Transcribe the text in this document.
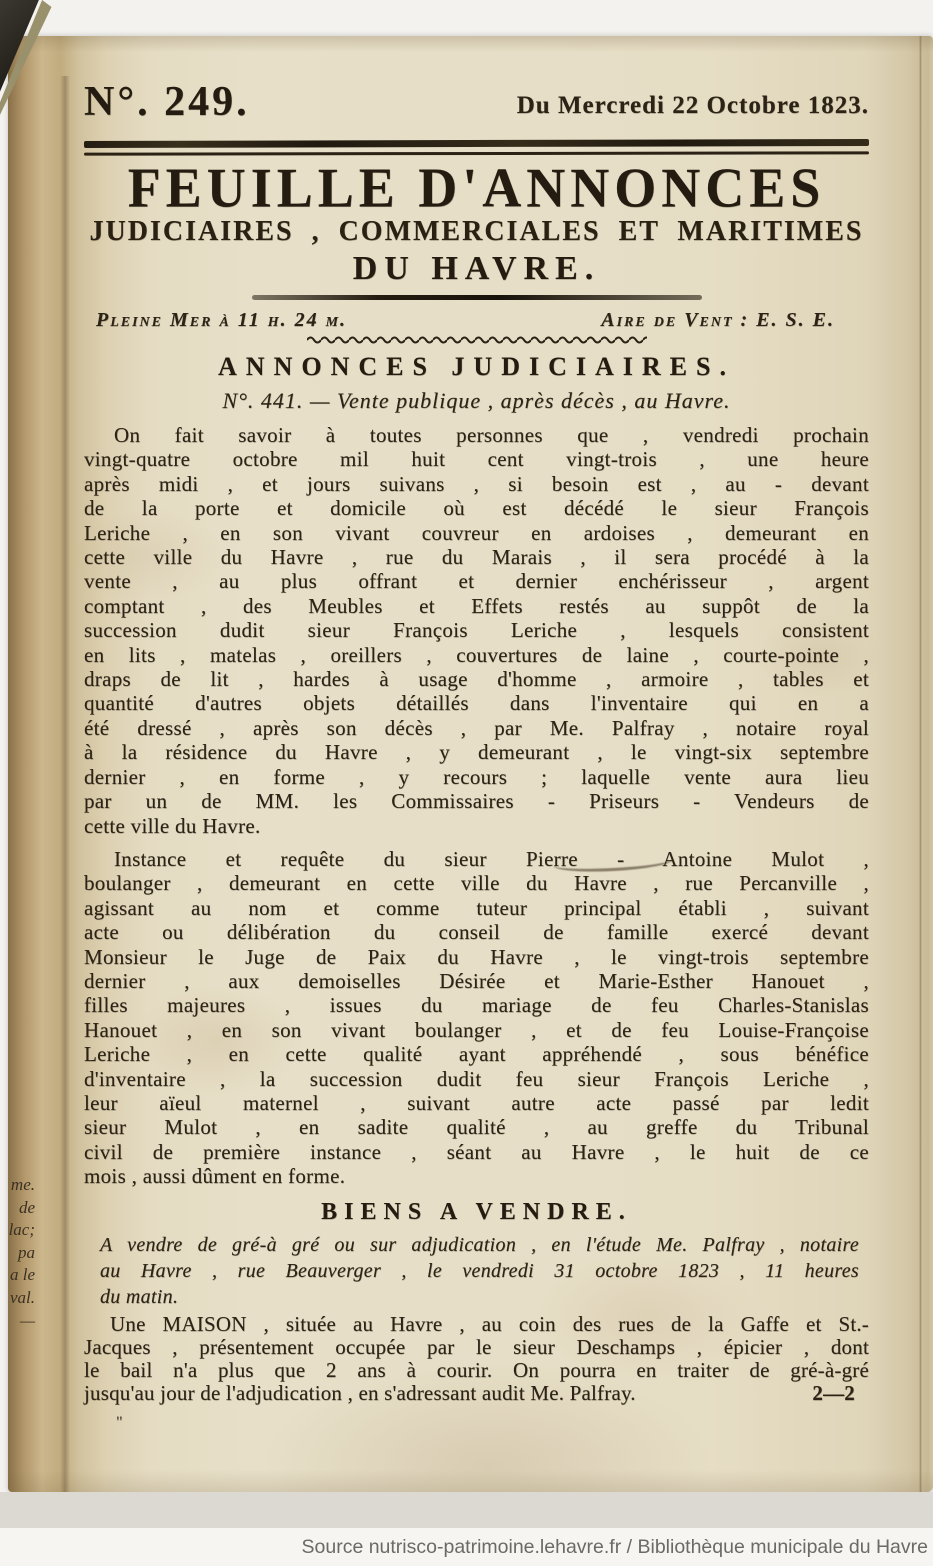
N°. 249.	Du Mercredi 22 Octobre 1823.
FEUILLE D'ANNONCES
JUDICIAIRES , COMMERCIALES ET MARITIMES
DU HAVRE.
Pleine Mer à 11 h. 24 m.	Aire de Vent : E. S. E.
ANNONCES JUDICIAIRES.
N°. 441. — Vente publique , après décès , au Havre.
On fait savoir à toutes personnes que , vendredi prochain
vingt-quatre octobre mil huit cent vingt-trois , une heure
après midi , et jours suivans , si besoin est , au - devant
de la porte et domicile où est décédé le sieur François
Leriche , en son vivant couvreur en ardoises , demeurant en
cette ville du Havre , rue du Marais , il sera procédé à la
vente , au plus offrant et dernier enchérisseur , argent
comptant , des Meubles et Effets restés au suppôt de la
succession dudit sieur François Leriche , lesquels consistent
en lits , matelas , oreillers , couvertures de laine , courte-pointe ,
draps de lit , hardes à usage d'homme , armoire , tables et
quantité d'autres objets détaillés dans l'inventaire qui en a
été dressé , après son décès , par Me. Palfray , notaire royal
à la résidence du Havre , y demeurant , le vingt-six septembre
dernier , en forme , y recours ; laquelle vente aura lieu
par un de MM. les Commissaires - Priseurs - Vendeurs de
cette ville du Havre.
Instance et requête du sieur Pierre - Antoine Mulot ,
boulanger , demeurant en cette ville du Havre , rue Percanville ,
agissant au nom et comme tuteur principal établi , suivant
acte ou délibération du conseil de famille exercé devant
Monsieur le Juge de Paix du Havre , le vingt-trois septembre
dernier , aux demoiselles Désirée et Marie-Esther Hanouet ,
filles majeures , issues du mariage de feu Charles-Stanislas
Hanouet , en son vivant boulanger , et de feu Louise-Françoise
Leriche , en cette qualité ayant appréhendé , sous bénéfice
d'inventaire , la succession dudit feu sieur François Leriche ,
leur aïeul maternel , suivant autre acte passé par ledit
sieur Mulot , en sadite qualité , au greffe du Tribunal
civil de première instance , séant au Havre , le huit de ce
mois , aussi dûment en forme.
BIENS A VENDRE.
A vendre de gré-à gré ou sur adjudication , en l'étude Me. Palfray , notaire
au Havre , rue Beauverger , le vendredi 31 octobre 1823 , 11 heures
du matin.
Une MAISON , située au Havre , au coin des rues de la Gaffe et St.-
Jacques , présentement occupée par le sieur Deschamps , épicier , dont
le bail n'a plus que 2 ans à courir. On pourra en traiter de gré-à-gré
jusqu'au jour de l'adjudication , en s'adressant audit Me. Palfray.	2—2
"
me.
de
lac;
pa
a le
val.
—
Source nutrisco-patrimoine.lehavre.fr / Bibliothèque municipale du Havre
